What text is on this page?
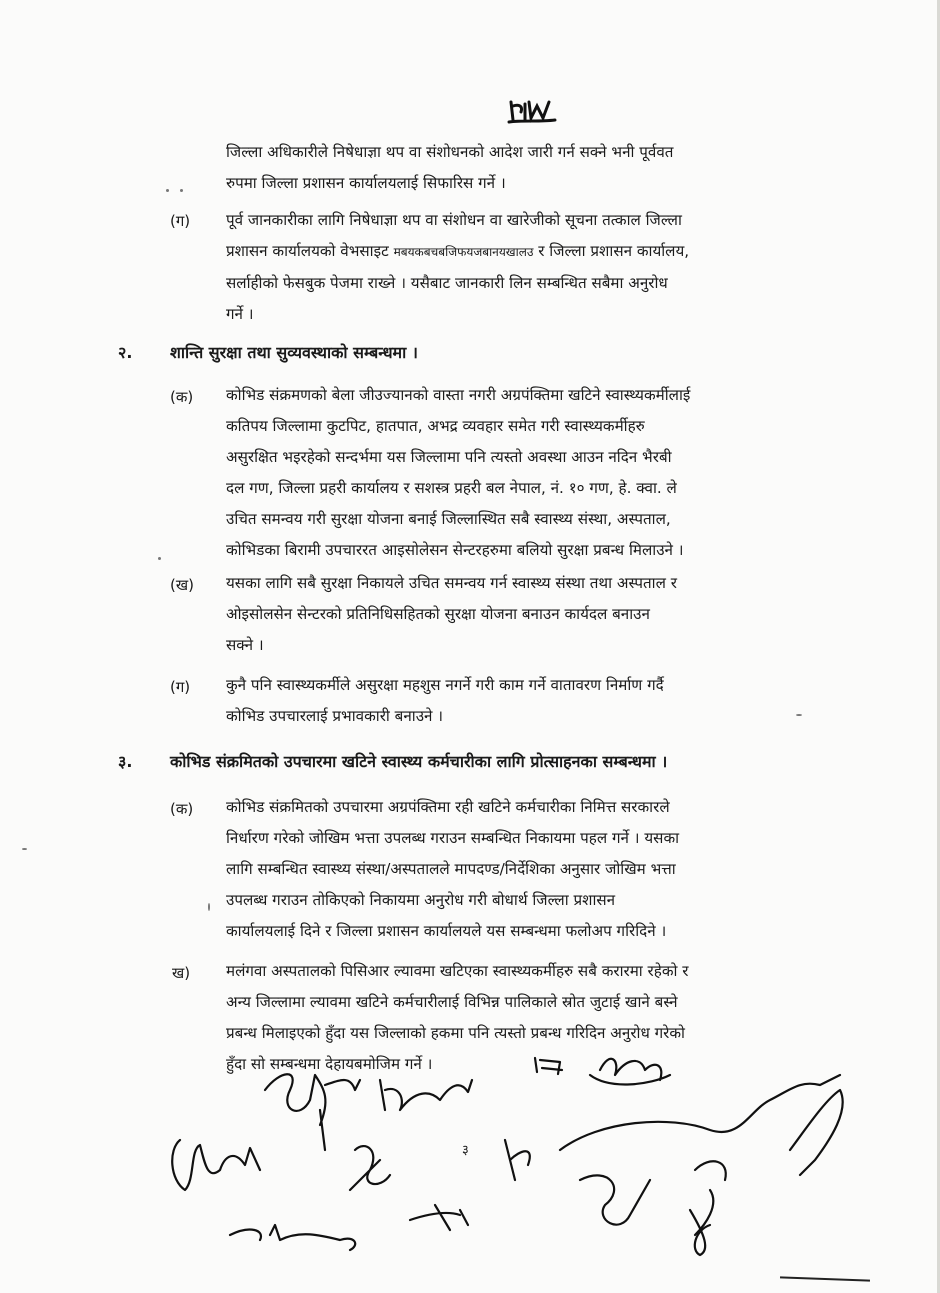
जिल्ला अधिकारीले निषेधाज्ञा थप वा संशोधनको आदेश जारी गर्न सक्ने भनी पूर्ववत
रुपमा जिल्ला प्रशासन कार्यालयलाई सिफारिस गर्ने ।
(ग) पूर्व जानकारीका लागि निषेधाज्ञा थप वा संशोधन वा खारेजीको सूचना तत्काल जिल्ला
प्रशासन कार्यालयको वेभसाइट मबयकबचबजिफयजबानयखालउ र जिल्ला प्रशासन कार्यालय,
सर्लाहीको फेसबुक पेजमा राख्ने । यसैबाट जानकारी लिन सम्बन्धित सबैमा अनुरोध
गर्ने ।
२. शान्ति सुरक्षा तथा सुव्यवस्थाको सम्बन्धमा ।
(क) कोभिड संक्रमणको बेला जीउज्यानको वास्ता नगरी अग्रपंक्तिमा खटिने स्वास्थ्यकर्मीलाई
कतिपय जिल्लामा कुटपिट, हातपात, अभद्र व्यवहार समेत गरी स्वास्थ्यकर्मीहरु
असुरक्षित भइरहेको सन्दर्भमा यस जिल्लामा पनि त्यस्तो अवस्था आउन नदिन भैरबी
दल गण, जिल्ला प्रहरी कार्यालय र सशस्त्र प्रहरी बल नेपाल, नं. १० गण, हे. क्वा. ले
उचित समन्वय गरी सुरक्षा योजना बनाई जिल्लास्थित सबै स्वास्थ्य संस्था, अस्पताल,
कोभिडका बिरामी उपचाररत आइसोलेसन सेन्टरहरुमा बलियो सुरक्षा प्रबन्ध मिलाउने ।
(ख) यसका लागि सबै सुरक्षा निकायले उचित समन्वय गर्न स्वास्थ्य संस्था तथा अस्पताल र
ओइसोलसेन सेन्टरको प्रतिनिधिसहितको सुरक्षा योजना बनाउन कार्यदल बनाउन
सक्ने ।
(ग) कुनै पनि स्वास्थ्यकर्मीले असुरक्षा महशुस नगर्ने गरी काम गर्ने वातावरण निर्माण गर्दै
कोभिड उपचारलाई प्रभावकारी बनाउने ।
३. कोभिड संक्रमितको उपचारमा खटिने स्वास्थ्य कर्मचारीका लागि प्रोत्साहनका सम्बन्धमा ।
(क) कोभिड संक्रमितको उपचारमा अग्रपंक्तिमा रही खटिने कर्मचारीका निमित्त सरकारले
निर्धारण गरेको जोखिम भत्ता उपलब्ध गराउन सम्बन्धित निकायमा पहल गर्ने । यसका
लागि सम्बन्धित स्वास्थ्य संस्था/अस्पतालले मापदण्ड/निर्देशिका अनुसार जोखिम भत्ता
उपलब्ध गराउन तोकिएको निकायमा अनुरोध गरी बोधार्थ जिल्ला प्रशासन
कार्यालयलाई दिने र जिल्ला प्रशासन कार्यालयले यस सम्बन्धमा फलोअप गरिदिने ।
ख) मलंगवा अस्पतालको पिसिआर ल्यावमा खटिएका स्वास्थ्यकर्मीहरु सबै करारमा रहेको र
अन्य जिल्लामा ल्यावमा खटिने कर्मचारीलाई विभिन्न पालिकाले स्रोत जुटाई खाने बस्ने
प्रबन्ध मिलाइएको हुँदा यस जिल्लाको हकमा पनि त्यस्तो प्रबन्ध गरिदिन अनुरोध गरेको
हुँदा सो सम्बन्धमा देहायबमोजिम गर्ने ।
३
